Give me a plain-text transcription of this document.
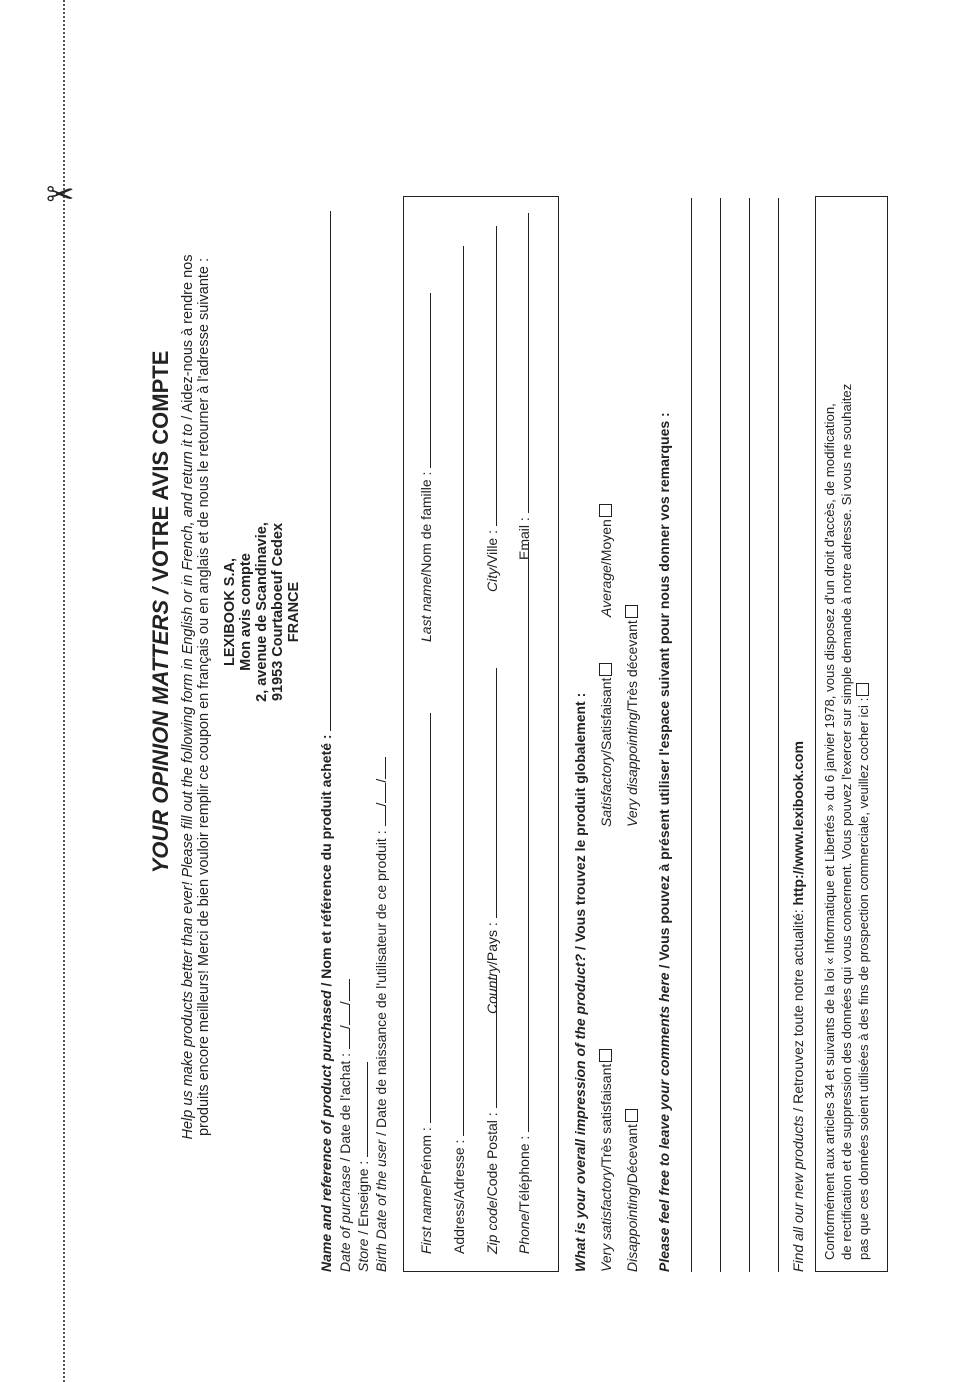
✂
YOUR OPINION MATTERS / VOTRE AVIS COMPTE Help us make products better than ever! Please fill out the following form in English or in French, and return it to / Aidez-nous à rendre nos produits encore meilleurs! Merci de bien vouloir remplir ce coupon en français ou en anglais et de nous le retourner à l'adresse suivante : LEXIBOOK S.A, Mon avis compte 2, avenue de Scandinavie, 91953 Courtaboeuf Cedex FRANCE
Name and reference of product purchased / Nom et référence du produit acheté :
Date of purchase / Date de l'achat : //
Store / Enseigne : Birth Date of the user / Date de naissance de l'utilisateur de ce produit : //
First name/Prénom :
Last name/Nom de famille :
Address/Adresse : Zip code/Code Postal :
Country/Pays :
City/Ville :
Phone/Téléphone :
Email :
What is your overall impression of the product? / Vous trouvez le produit globalement :
Very satisfactory/Très satisfaisant
Satisfactory/Satisfaisant
Average/Moyen
Disappointing/Décevant
Very disappointing/Très décevant
Please feel free to leave your comments here / Vous pouvez à présent utiliser l'espace suivant pour nous donner vos remarques :
Find all our new products / Retrouvez toute notre actualité: http://www.lexibook.com Conformément aux articles 34 et suivants de la loi « Informatique et Libertés » du 6 janvier 1978, vous disposez d'un droit d'accès, de modification, de rectification et de suppression des données qui vous concernent. Vous pouvez l'exercer sur simple demande à notre adresse. Si vous ne souhaitez pas que ces données soient utilisées à des fins de prospection commerciale, veuillez cocher ici :
